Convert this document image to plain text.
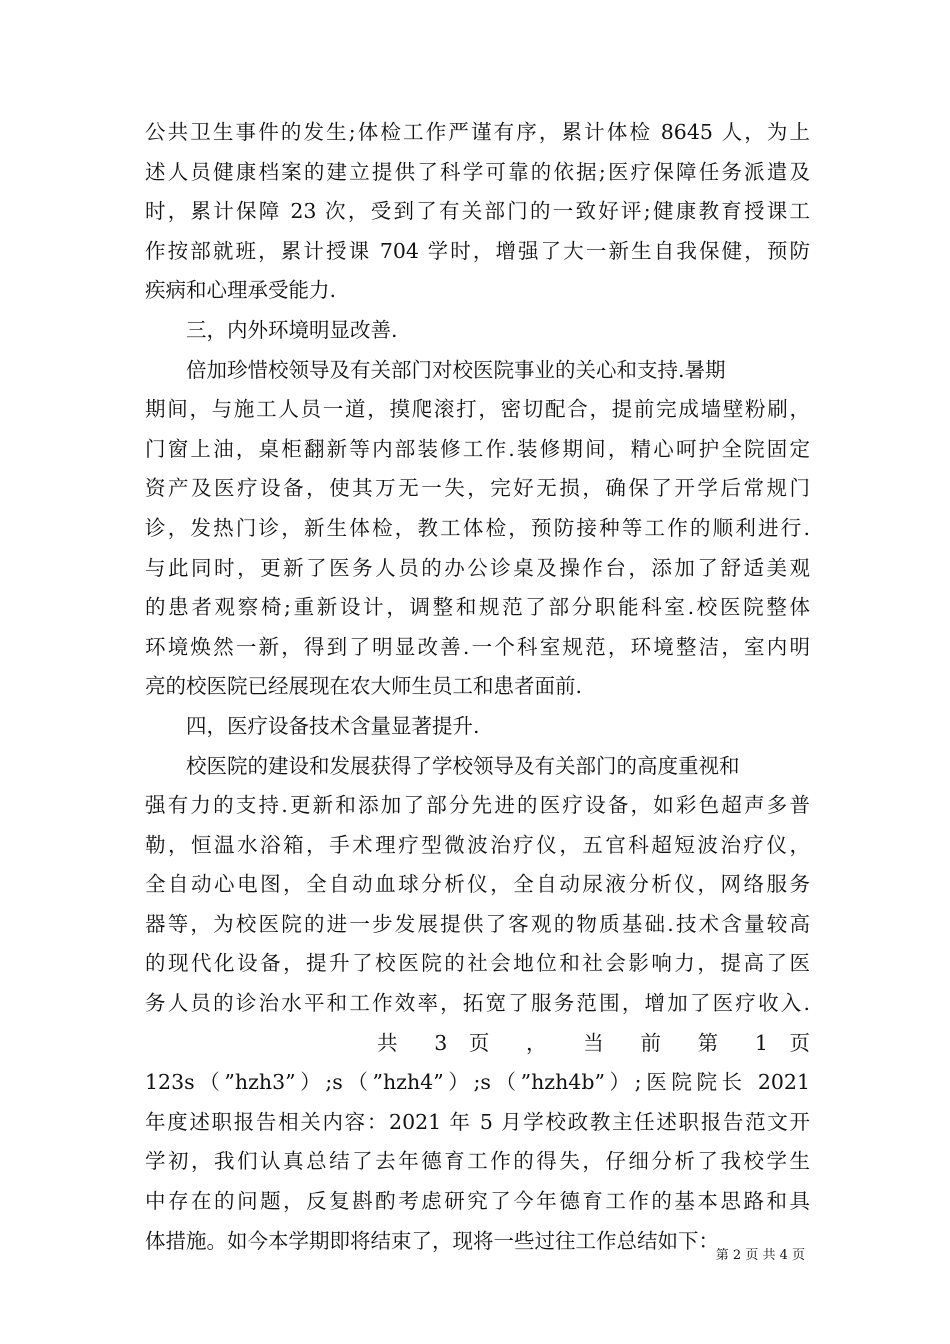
公共卫生事件的发生;体检工作严谨有序，累计体检 8645 人，为上
述人员健康档案的建立提供了科学可靠的依据;医疗保障任务派遣及
时，累计保障 23 次，受到了有关部门的一致好评;健康教育授课工
作按部就班，累计授课 704 学时，增强了大一新生自我保健，预防
疾病和心理承受能力.
三，内外环境明显改善.
倍加珍惜校领导及有关部门对校医院事业的关心和支持.暑期
期间，与施工人员一道，摸爬滚打，密切配合，提前完成墙壁粉刷，
门窗上油，桌柜翻新等内部装修工作.装修期间，精心呵护全院固定
资产及医疗设备，使其万无一失，完好无损，确保了开学后常规门
诊，发热门诊，新生体检，教工体检，预防接种等工作的顺利进行.
与此同时，更新了医务人员的办公诊桌及操作台，添加了舒适美观
的患者观察椅;重新设计，调整和规范了部分职能科室.校医院整体
环境焕然一新，得到了明显改善.一个科室规范，环境整洁，室内明
亮的校医院已经展现在农大师生员工和患者面前.
四，医疗设备技术含量显著提升.
校医院的建设和发展获得了学校领导及有关部门的高度重视和
强有力的支持.更新和添加了部分先进的医疗设备，如彩色超声多普
勒，恒温水浴箱，手术理疗型微波治疗仪，五官科超短波治疗仪，
全自动心电图，全自动血球分析仪，全自动尿液分析仪，网络服务
器等，为校医院的进一步发展提供了客观的物质基础.技术含量较高
的现代化设备，提升了校医院的社会地位和社会影响力，提高了医
务人员的诊治水平和工作效率，拓宽了服务范围，增加了医疗收入.
共 3 页 ， 当 前 第 1 页
123s（”hzh3”）;s（”hzh4”）;s（”hzh4b”）;医院院长 2021
年度述职报告相关内容：2021 年 5 月学校政教主任述职报告范文开
学初，我们认真总结了去年德育工作的得失，仔细分析了我校学生
中存在的问题，反复斟酌考虑研究了今年德育工作的基本思路和具
体措施。如今本学期即将结束了，现将一些过往工作总结如下：
第 2 页 共 4 页
